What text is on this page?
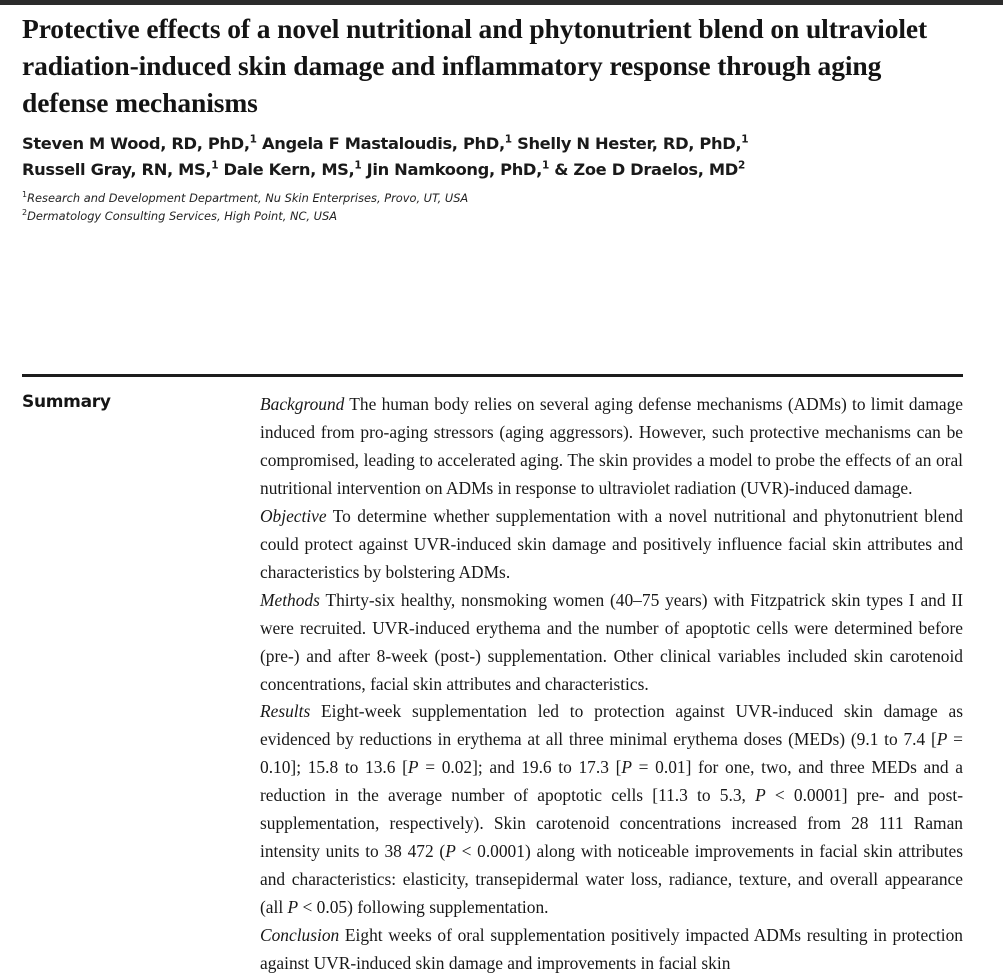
Protective effects of a novel nutritional and phytonutrient blend on ultraviolet radiation-induced skin damage and inflammatory response through aging defense mechanisms
Steven M Wood, RD, PhD,$^1$ Angela F Mastaloudis, PhD,$^1$ Shelly N Hester, RD, PhD,$^1$
Russell Gray, RN, MS,$^1$ Dale Kern, MS,$^1$ Jin Namkoong, PhD,$^1$ & Zoe D Draelos, $MD^2$
$^1$Research and Development Department, Nu Skin Enterprises, Provo, UT, USA
$^2$Dermatology Consulting Services, High Point, NC, USA
Summary	Background The human body relies on several aging defense mechanisms (ADMs) to limit damage induced from pro-aging stressors (aging aggressors). However, such protective mechanisms can be compromised, leading to accelerated aging. The skin provides a model to probe the effects of an oral nutritional intervention on ADMs in response to ultraviolet radiation (UVR)-induced damage.

Objective To determine whether supplementation with a novel nutritional and phytonutrient blend could protect against UVR-induced skin damage and positively influence facial skin attributes and characteristics by bolstering ADMs.

Methods Thirty-six healthy, nonsmoking women (40–75 years) with Fitzpatrick skin types I and II were recruited. UVR-induced erythema and the number of apoptotic cells were determined before (pre-) and after 8-week (post-) supplementation. Other clinical variables included skin carotenoid concentrations, facial skin attributes and characteristics.

Results Eight-week supplementation led to protection against UVR-induced skin damage as evidenced by reductions in erythema at all three minimal erythema doses (MEDs) (9.1 to 7.4 [P = 0.10]; 15.8 to 13.6 [P = 0.02]; and 19.6 to 17.3 [P = 0.01] for one, two, and three MEDs and a reduction in the average number of apoptotic cells [11.3 to 5.3, P < 0.0001] pre- and post-supplementation, respectively). Skin carotenoid concentrations increased from 28 111 Raman intensity units to 38 472 (P < 0.0001) along with noticeable improvements in facial skin attributes and characteristics: elasticity, transepidermal water loss, radiance, texture, and overall appearance (all P < 0.05) following supplementation.

Conclusion Eight weeks of oral supplementation positively impacted ADMs resulting in protection against UVR-induced skin damage and improvements in facial skin
